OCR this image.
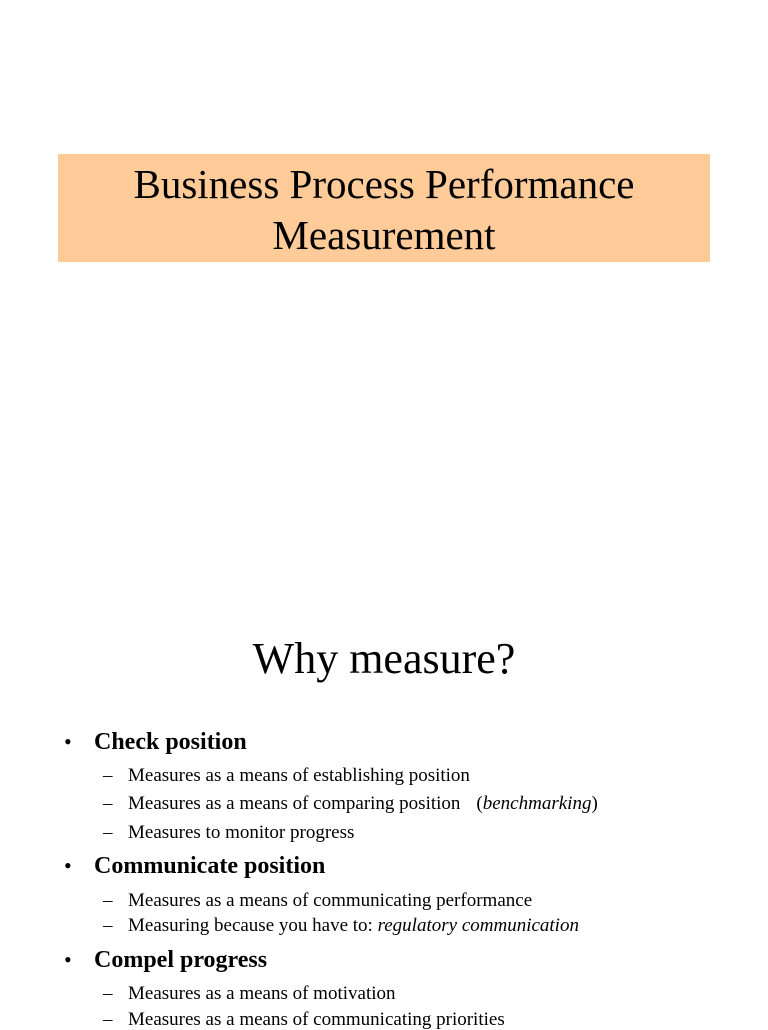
Business Process Performance
Measurement
Why measure?
• Check position
– Measures as a means of establishing position
– Measures as a means of comparing position (benchmarking)
– Measures to monitor progress
• Communicate position
– Measures as a means of communicating performance
– Measuring because you have to: regulatory communication
• Compel progress
– Measures as a means of motivation
– Measures as a means of communicating priorities
